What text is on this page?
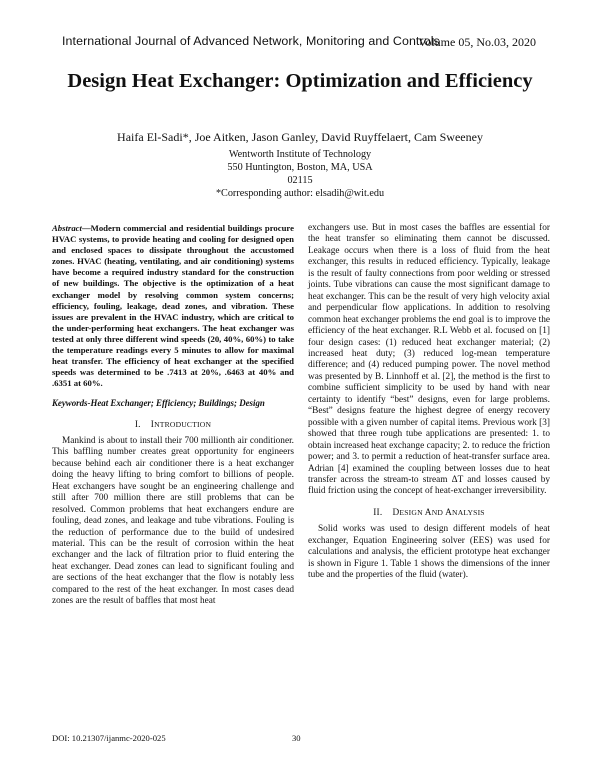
International Journal of Advanced Network, Monitoring and Controls
Volume 05, No.03, 2020
Design Heat Exchanger: Optimization and Efficiency
Haifa El-Sadi*, Joe Aitken, Jason Ganley, David Ruyffelaert, Cam Sweeney
Wentworth Institute of Technology
550 Huntington, Boston, MA, USA
02115
*Corresponding author: elsadih@wit.edu

Abstract—Modern commercial and residential buildings procure HVAC systems, to provide heating and cooling for designed open and enclosed spaces to dissipate throughout the accustomed zones. HVAC (heating, ventilating, and air conditioning) systems have become a required industry standard for the construction of new buildings. The objective is the optimization of a heat exchanger model by resolving common system concerns; efficiency, fouling, leakage, dead zones, and vibration. These issues are prevalent in the HVAC industry, which are critical to the under-performing heat exchangers. The heat exchanger was tested at only three different wind speeds (20, 40%, 60%) to take the temperature readings every 5 minutes to allow for maximal heat transfer. The efficiency of heat exchanger at the specified speeds was determined to be .7413 at 20%, .6463 at 40% and .6351 at 60%.

Keywords-Heat Exchanger; Efficiency; Buildings; Design

I. INTRODUCTION

Mankind is about to install their 700 millionth air conditioner. This baffling number creates great opportunity for engineers because behind each air conditioner there is a heat exchanger doing the heavy lifting to bring comfort to billions of people. Heat exchangers have sought be an engineering challenge and still after 700 million there are still problems that can be resolved. Common problems that heat exchangers endure are fouling, dead zones, and leakage and tube vibrations. Fouling is the reduction of performance due to the build of undesired material. This can be the result of corrosion within the heat exchanger and the lack of filtration prior to fluid entering the heat exchanger. Dead zones can lead to significant fouling and are sections of the heat exchanger that the flow is notably less compared to the rest of the heat exchanger. In most cases dead zones are the result of baffles that most heat

exchangers use. But in most cases the baffles are essential for the heat transfer so eliminating them cannot be discussed. Leakage occurs when there is a loss of fluid from the heat exchanger, this results in reduced efficiency. Typically, leakage is the result of faulty connections from poor welding or stressed joints. Tube vibrations can cause the most significant damage to heat exchanger. This can be the result of very high velocity axial and perpendicular flow applications. In addition to resolving common heat exchanger problems the end goal is to improve the efficiency of the heat exchanger. R.L Webb et al. focused on [1] four design cases: (1) reduced heat exchanger material; (2) increased heat duty; (3) reduced log-mean temperature difference; and (4) reduced pumping power. The novel method was presented by B. Linnhoff et al. [2], the method is the first to combine sufficient simplicity to be used by hand with near certainty to identify “best” designs, even for large problems. “Best” designs feature the highest degree of energy recovery possible with a given number of capital items. Previous work [3] showed that three rough tube applications are presented: 1. to obtain increased heat exchange capacity; 2. to reduce the friction power; and 3. to permit a reduction of heat-transfer surface area. Adrian [4] examined the coupling between losses due to heat transfer across the stream-to stream ΔT and losses caused by fluid friction using the concept of heat-exchanger irreversibility.

II. DESIGN AND ANALYSIS

Solid works was used to design different models of heat exchanger, Equation Engineering solver (EES) was used for calculations and analysis, the efficient prototype heat exchanger is shown in Figure 1. Table 1 shows the dimensions of the inner tube and the properties of the fluid (water).

DOI: 10.21307/ijanmc-2020-025	30
